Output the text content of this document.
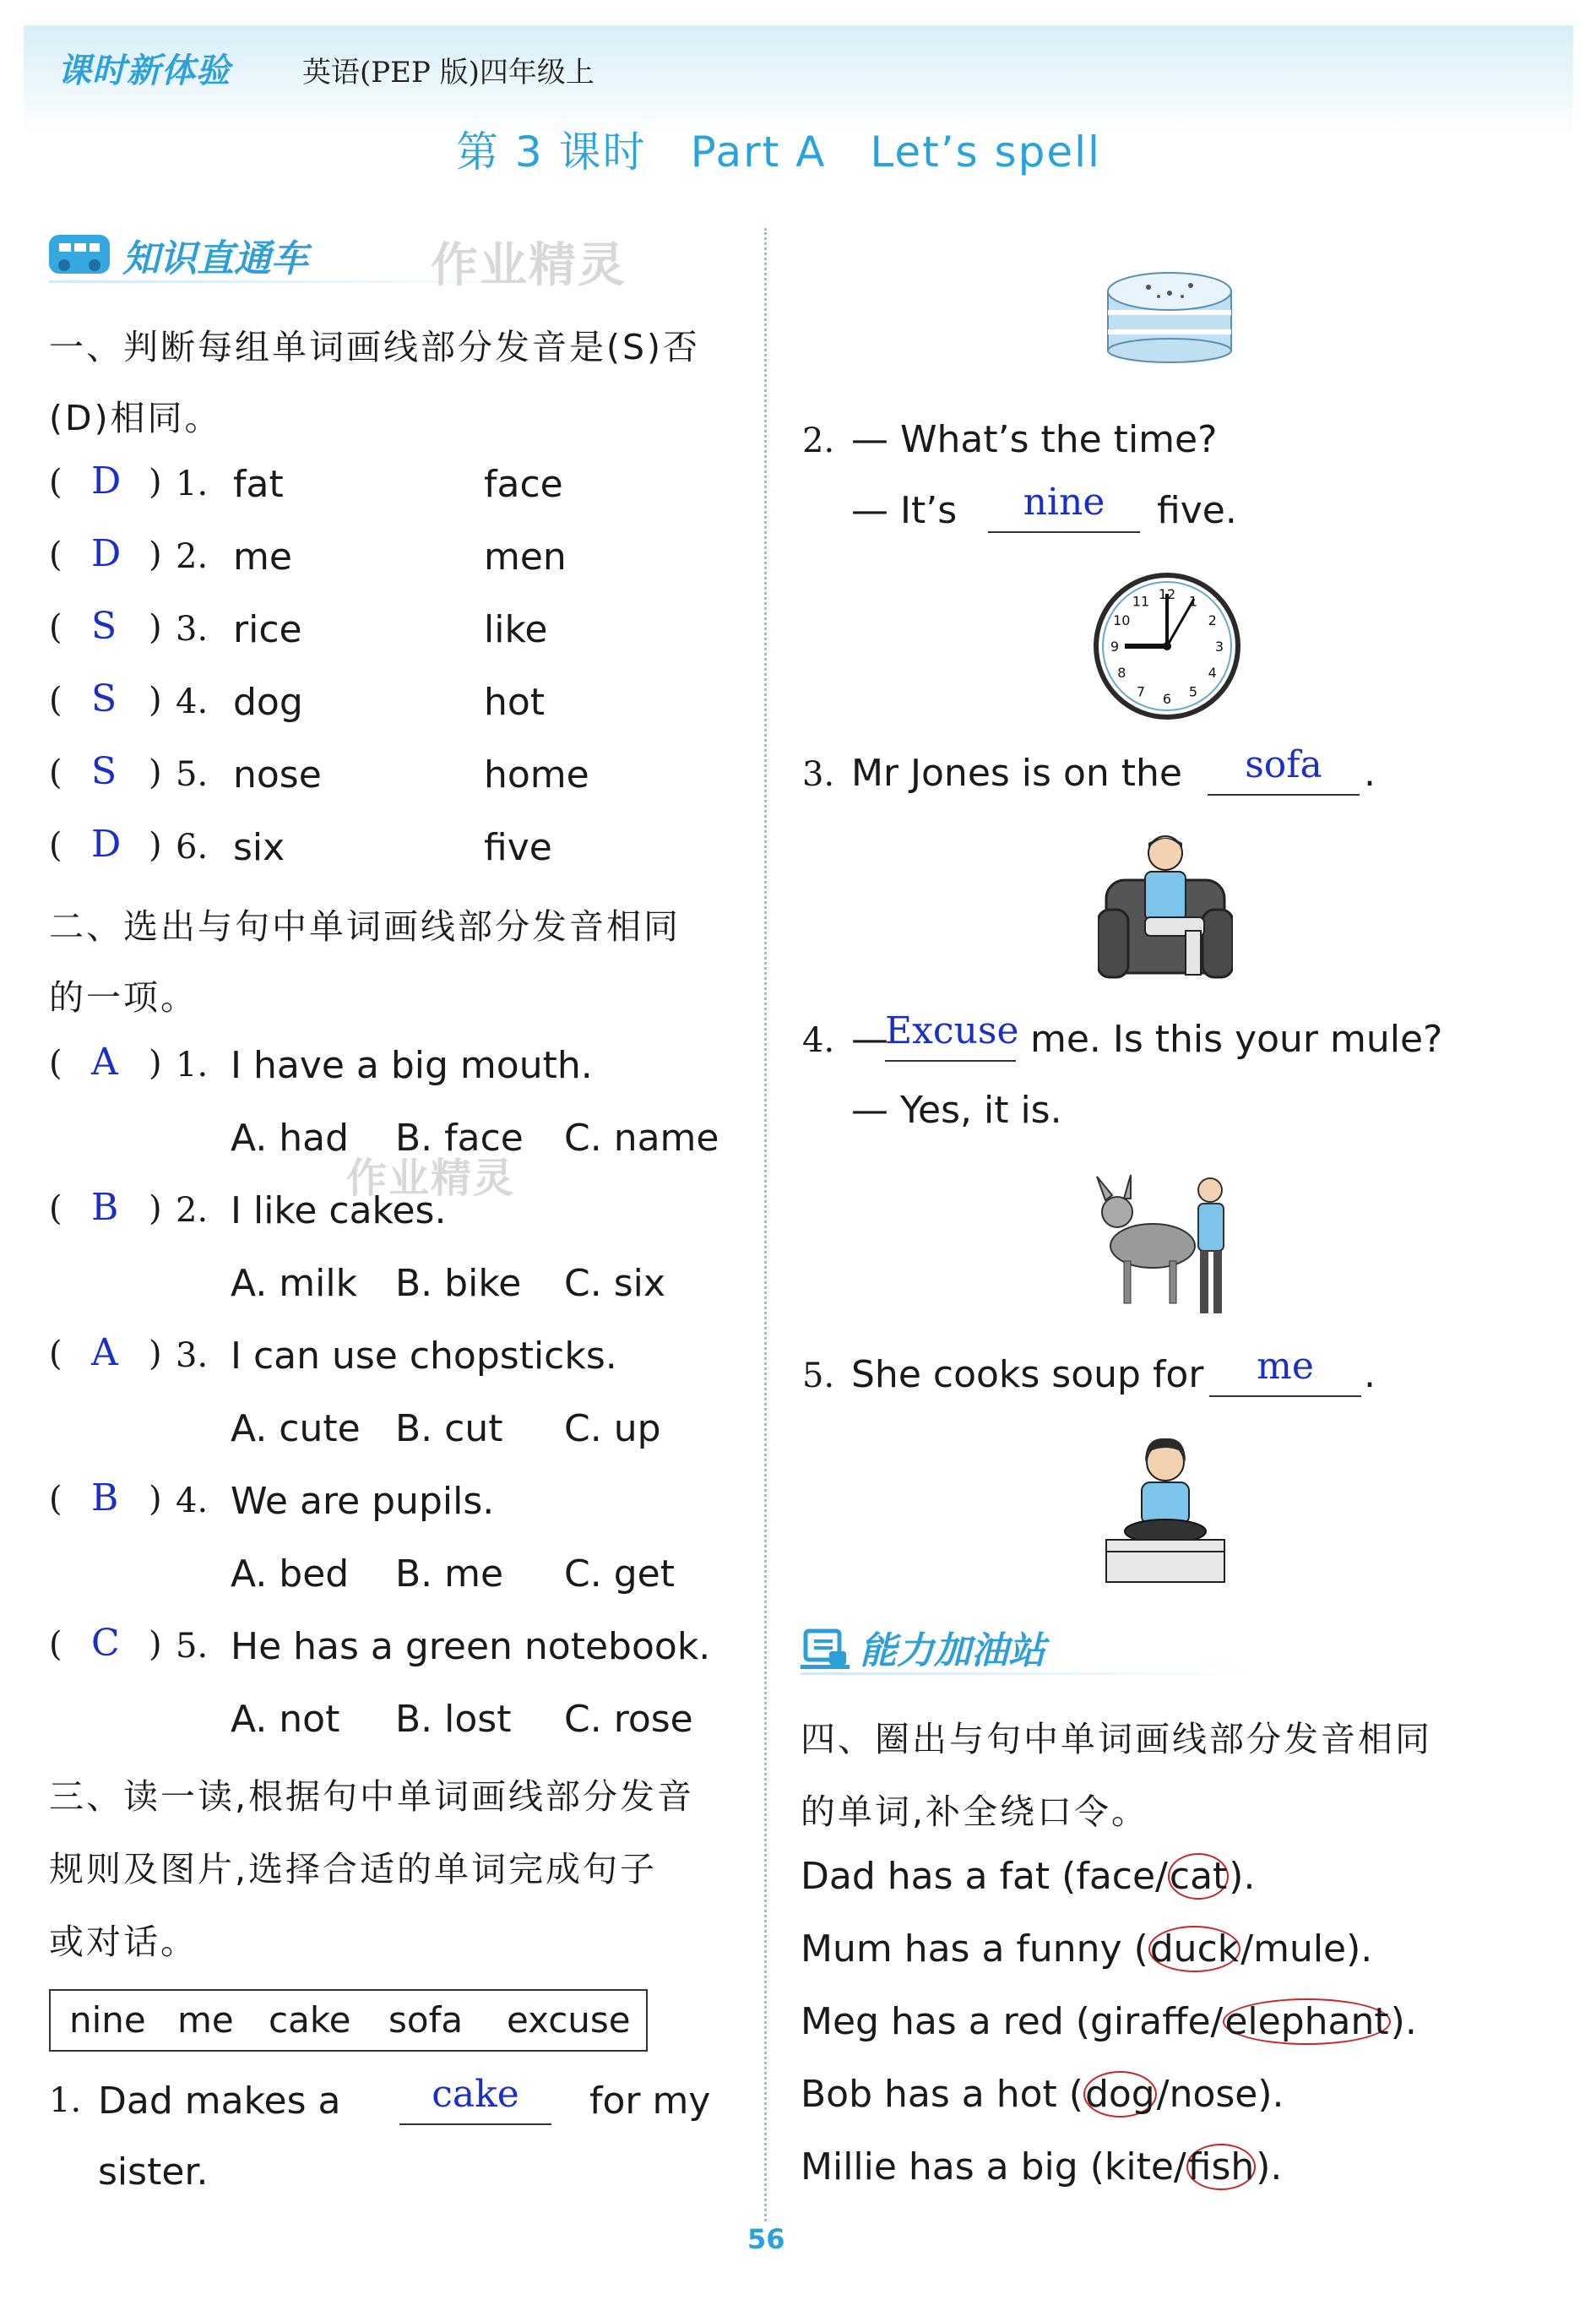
课时新体验	英语(PEP 版)四年级上
第 3 课时　Part A　Let’s spell
知识直通车	作业精灵
一、判断每组单词画线部分发音是(S)否
(D)相同。
( D ) 1. fat	face
( D ) 2. me	men
( S ) 3. rice	like
( S ) 4. dog	hot
( S ) 5. nose	home
( D ) 6. six	five
二、选出与句中单词画线部分发音相同
的一项。
( A ) 1. I have a big mouth.
A. had B. face C. name
( B ) 2. I like cakes.
A. milk B. bike C. six
( A ) 3. I can use chopsticks.
A. cute B. cut C. up
( B ) 4. We are pupils.
A. bed B. me C. get
( C ) 5. He has a green notebook.
A. not B. lost C. rose
三、读一读,根据句中单词画线部分发音
规则及图片,选择合适的单词完成句子
或对话。
nine me cake sofa excuse
1. Dad makes a	cake	for my
sister.
2. — What’s the time?
— It’s	nine	five.
12 1
2
3
4
5
6
7
8
9
10
11
3. Mr Jones is on the	sofa	.
4. —
Excuse me. Is this your mule?
— Yes, it is.
5. She cooks soup for	me	.
能力加油站
四、圈出与句中单词画线部分发音相同
的单词,补全绕口令。
Dad has a fat (face/cat).
Mum has a funny (duck/mule).
Meg has a red (giraffe/elephant).
Bob has a hot (dog/nose).
Millie has a big (kite/fish).
作业精灵
56
